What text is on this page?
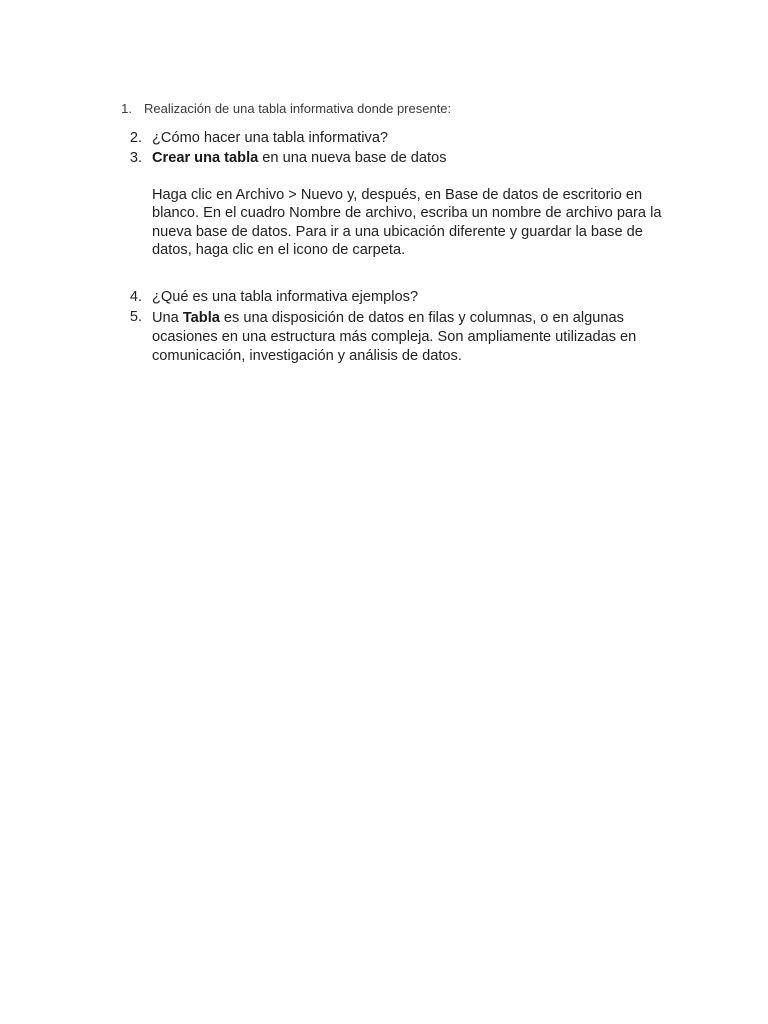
1. Realización de una tabla informativa donde presente:
2. ¿Cómo hacer una tabla informativa?
3. Crear una tabla en una nueva base de datos
Haga clic en Archivo > Nuevo y, después, en Base de datos de escritorio en blanco. En el cuadro Nombre de archivo, escriba un nombre de archivo para la nueva base de datos. Para ir a una ubicación diferente y guardar la base de datos, haga clic en el icono de carpeta.
4. ¿Qué es una tabla informativa ejemplos?
5. Una Tabla es una disposición de datos en filas y columnas, o en algunas ocasiones en una estructura más compleja. Son ampliamente utilizadas en comunicación, investigación y análisis de datos.
